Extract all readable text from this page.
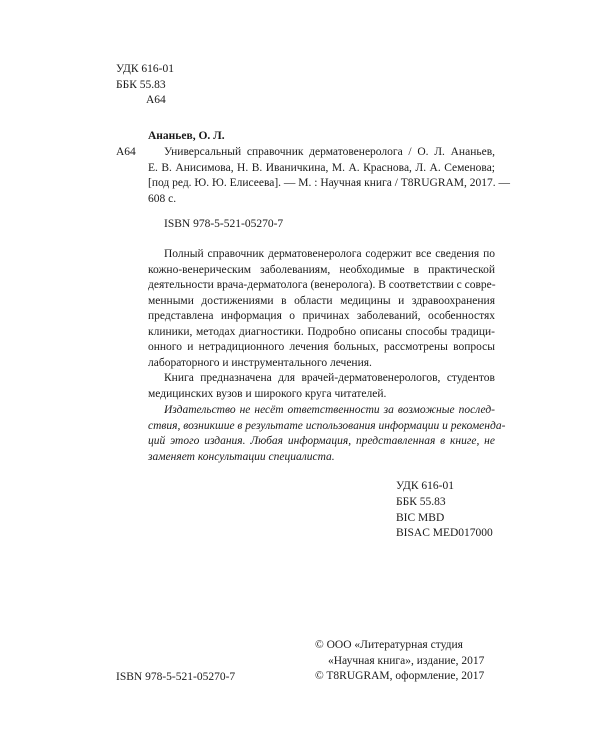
УДК 616-01
ББК 55.83
А64
Ананьев, О. Л.
А64	Универсальный справочник дерматовенеролога / О. Л. Ананьев,
Е. В. Анисимова, Н. В. Иваничкина, М. А. Краснова, Л. А. Семенова;
[под ред. Ю. Ю. Елисеева]. — М. : Научная книга / T8RUGRAM, 2017. —
608 с.
ISBN 978-5-521-05270-7
Полный справочник дерматовенеролога содержит все сведения по
кожно-венерическим заболеваниям, необходимые в практической
деятельности врача-дерматолога (венеролога). В соответствии с совре-
менными достижениями в области медицины и здравоохранения
представлена информация о причинах заболеваний, особенностях
клиники, методах диагностики. Подробно описаны способы традици-
онного и нетрадиционного лечения больных, рассмотрены вопросы
лабораторного и инструментального лечения.
Книга предназначена для врачей-дерматовенерологов, студентов
медицинских вузов и широкого круга читателей.
Издательство не несёт ответственности за возможные послед-
ствия, возникшие в результате использования информации и рекоменда-
ций этого издания. Любая информация, представленная в книге, не
заменяет консультации специалиста.
УДК 616-01
ББК 55.83
BIC MBD
BISAC MED017000
© ООО «Литературная студия
«Научная книга», издание, 2017
© T8RUGRAM, оформление, 2017
ISBN 978-5-521-05270-7
